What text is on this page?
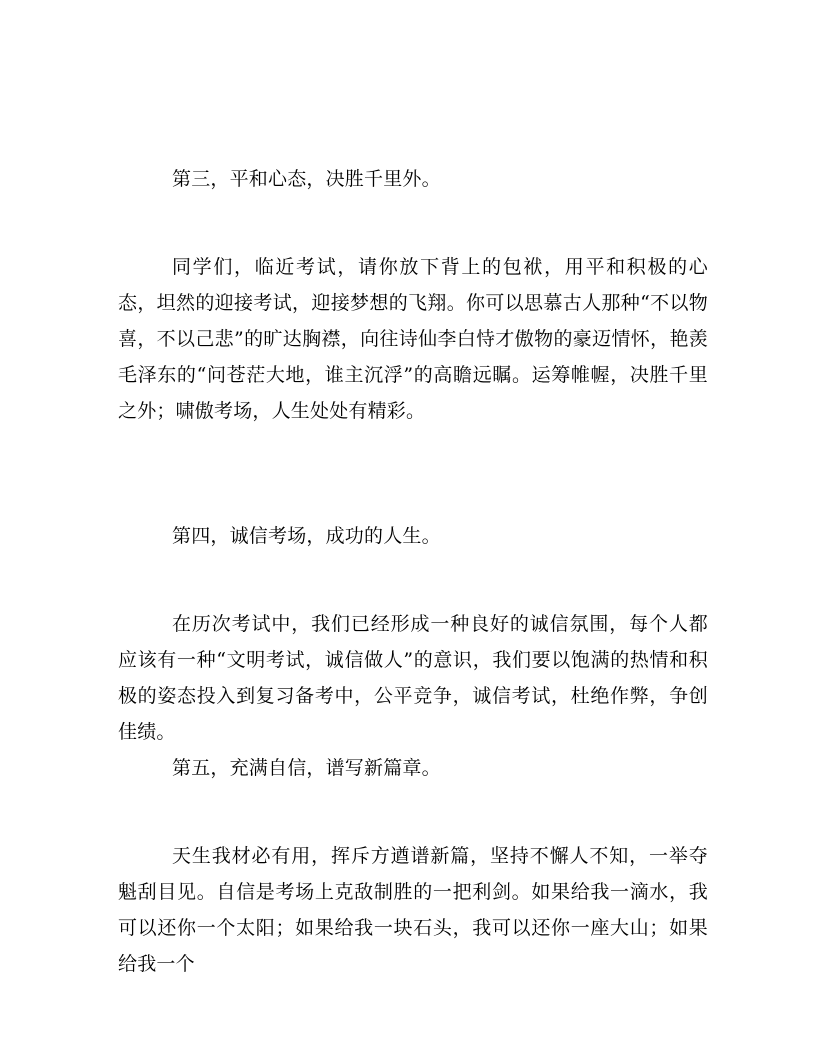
第三，平和心态，决胜千里外。

同学们，临近考试，请你放下背上的包袱，用平和积极的心态，坦然的迎接考试，迎接梦想的飞翔。你可以思慕古人那种“不以物喜，不以己悲”的旷达胸襟，向往诗仙李白恃才傲物的豪迈情怀，艳羡毛泽东的“问苍茫大地，谁主沉浮”的高瞻远瞩。运筹帷幄，决胜千里之外；啸傲考场，人生处处有精彩。

第四，诚信考场，成功的人生。

在历次考试中，我们已经形成一种良好的诚信氛围，每个人都应该有一种“文明考试，诚信做人”的意识，我们要以饱满的热情和积极的姿态投入到复习备考中，公平竞争，诚信考试，杜绝作弊，争创佳绩。

第五，充满自信，谱写新篇章。

天生我材必有用，挥斥方遒谱新篇，坚持不懈人不知，一举夺魁刮目见。自信是考场上克敌制胜的一把利剑。如果给我一滴水，我可以还你一个太阳；如果给我一块石头，我可以还你一座大山；如果给我一个
